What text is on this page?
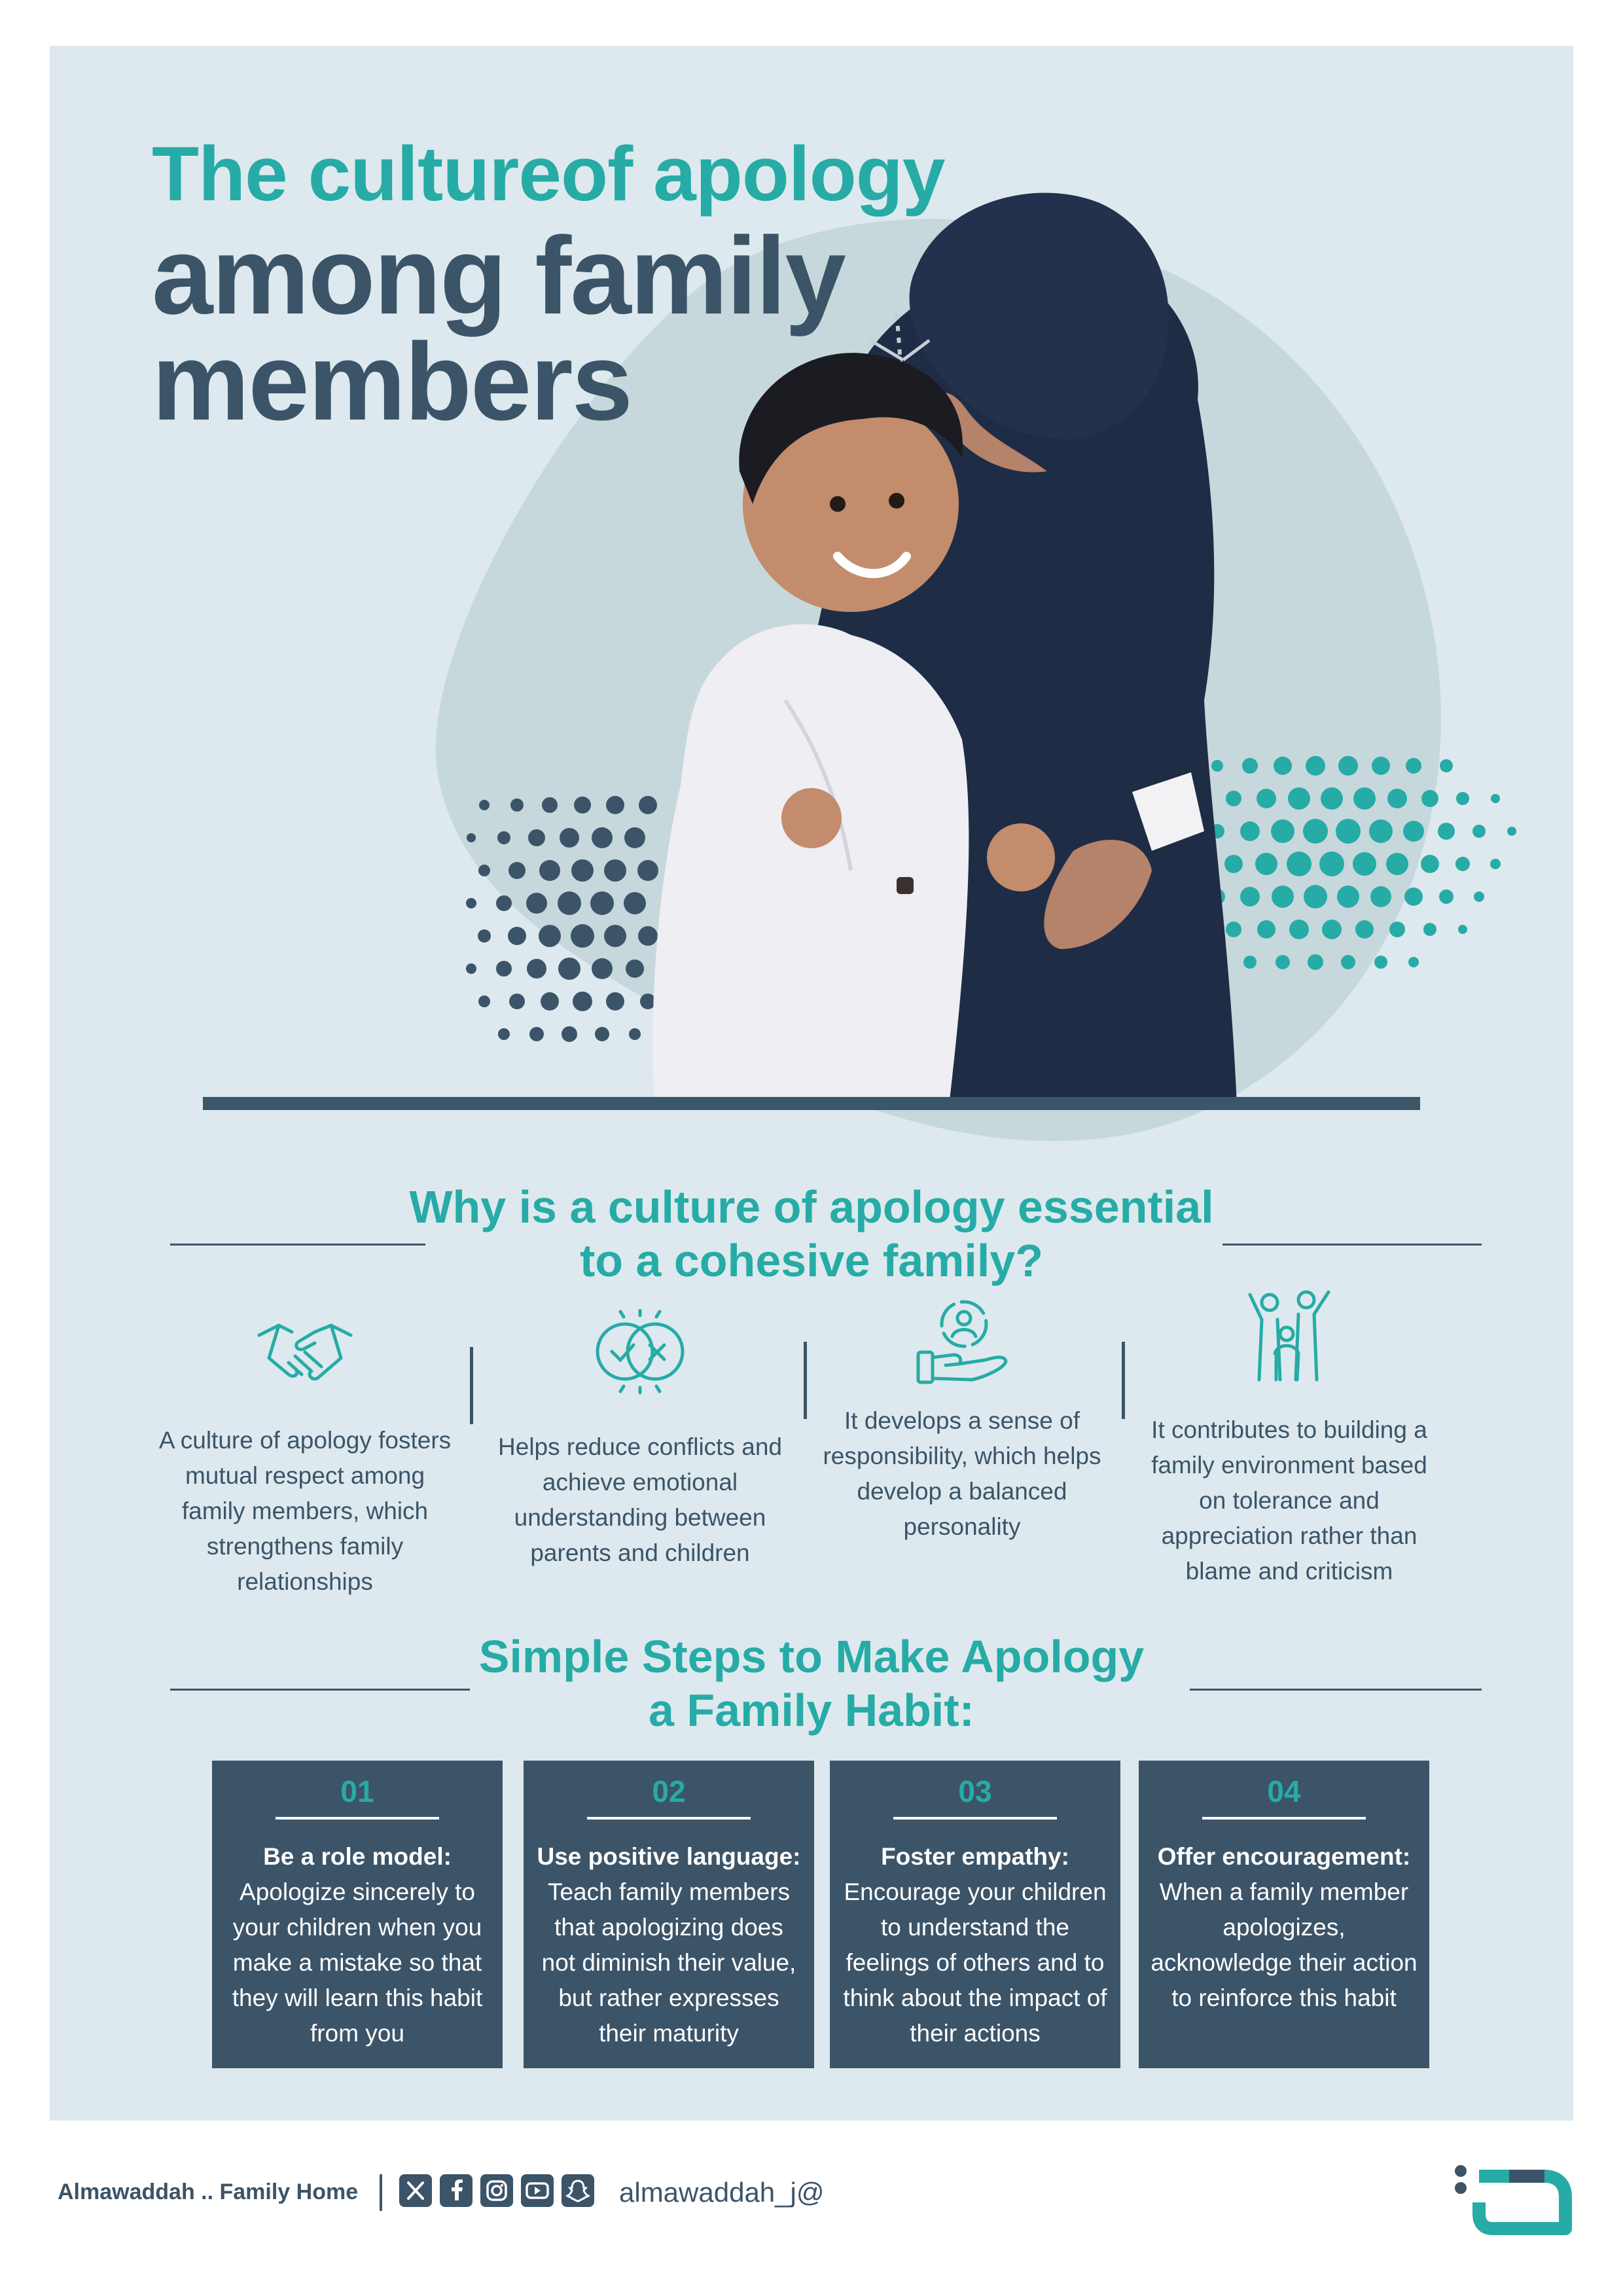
The cultureof apology
among family
members
Why is a culture of apology essential
to a cohesive family?
A culture of apology fosters mutual respect among family members, which strengthens family relationships
Helps reduce conflicts and achieve emotional understanding between parents and children
It develops a sense of responsibility, which helps develop a balanced personality
It contributes to building a family environment based on tolerance and appreciation rather than blame and criticism
Simple Steps to Make Apology
a Family Habit:
01
Be a role model:
Apologize sincerely to your children when you make a mistake so that they will learn this habit from you
02
Use positive language:
Teach family members that apologizing does not diminish their value, but rather expresses their maturity
03
Foster empathy:
Encourage your children to understand the feelings of others and to think about the impact of their actions
04
Offer encouragement:
When a family member apologizes, acknowledge their action to reinforce this habit
Almawaddah .. Family Home	almawaddah_j@
